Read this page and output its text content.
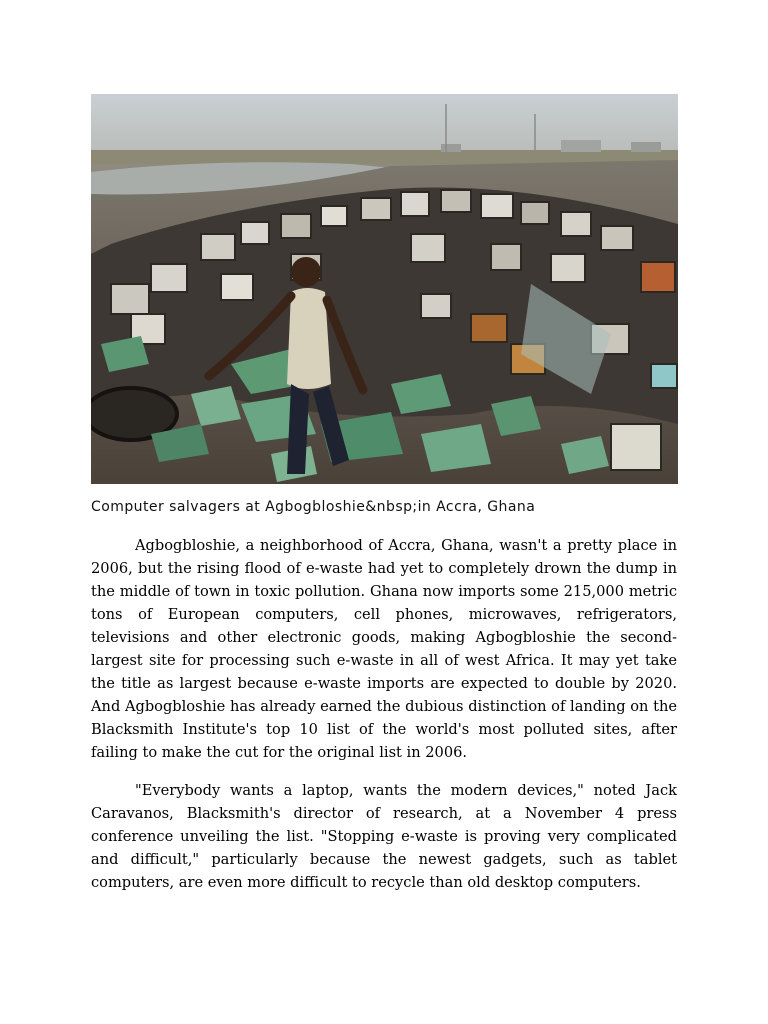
Computer salvagers at Agbogbloshie&nbsp;in Accra, Ghana

Agbogbloshie, a neighborhood of Accra, Ghana, wasn't a pretty place in 2006, but the rising flood of e-waste had yet to completely drown the dump in the middle of town in toxic pollution. Ghana now imports some 215,000 metric tons of European computers, cell phones, microwaves, refrigerators, televisions and other electronic goods, making Agbogbloshie the second-largest site for processing such e-waste in all of west Africa. It may yet take the title as largest because e-waste imports are expected to double by 2020. And Agbogbloshie has already earned the dubious distinction of landing on the Blacksmith Institute's top 10 list of the world's most polluted sites, after failing to make the cut for the original list in 2006.

"Everybody wants a laptop, wants the modern devices," noted Jack Caravanos, Blacksmith's director of research, at a November 4 press conference unveiling the list. "Stopping e-waste is proving very complicated and difficult," particularly because the newest gadgets, such as tablet computers, are even more difficult to recycle than old desktop computers.
